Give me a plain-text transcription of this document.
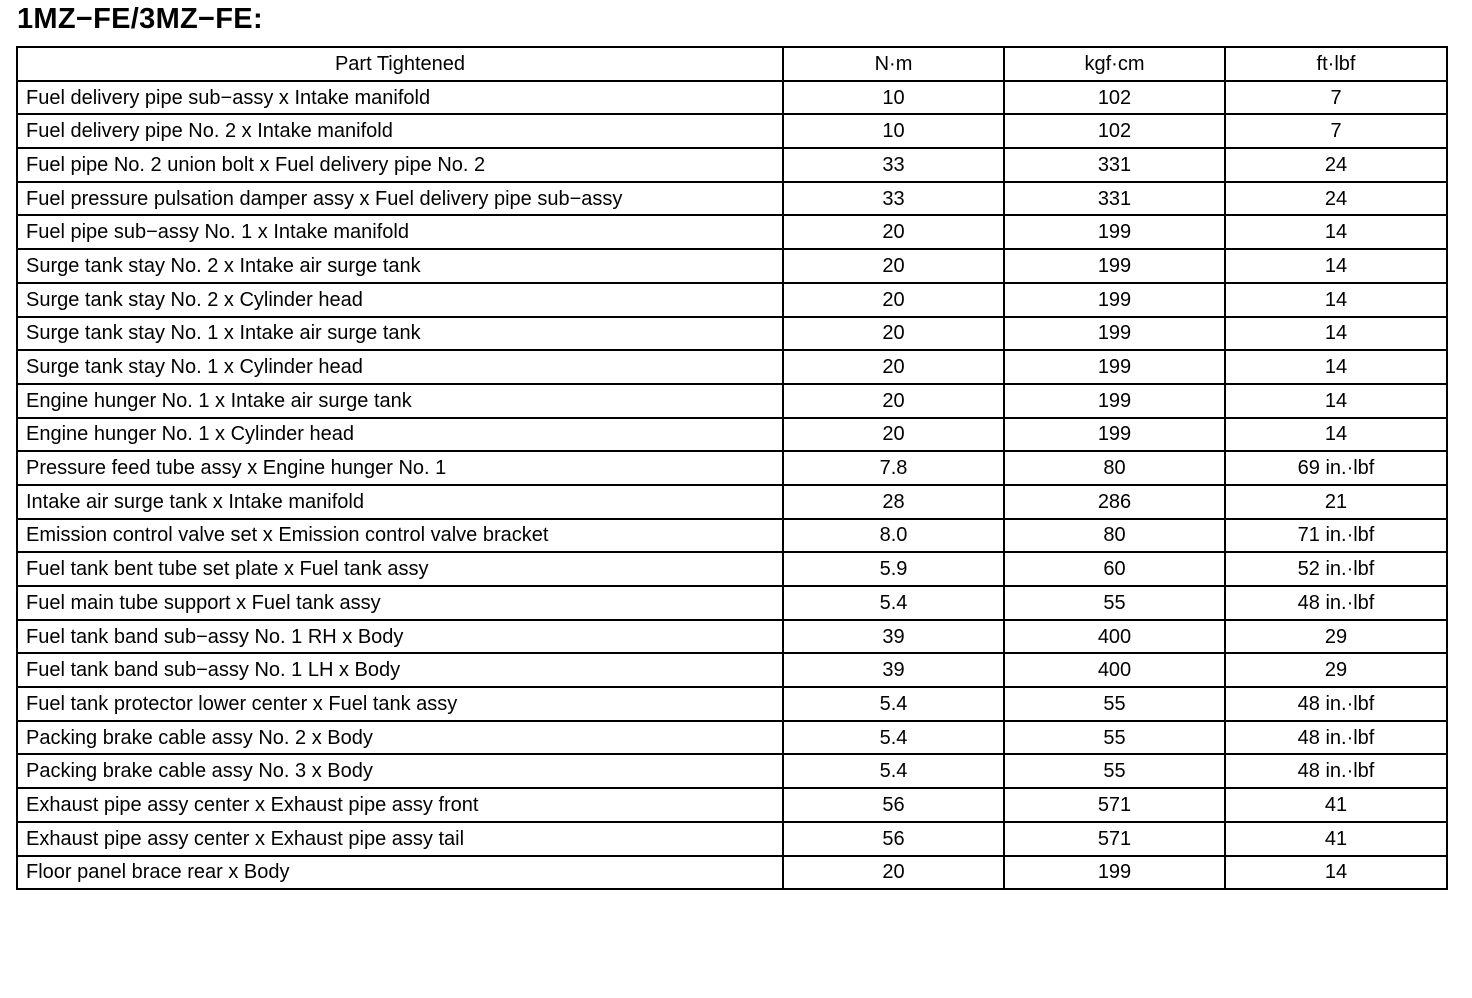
1MZ−FE/3MZ−FE:
Part Tightened	N·m	kgf·cm	ft·lbf
Fuel delivery pipe sub−assy x Intake manifold	10	102	7
Fuel delivery pipe No. 2 x Intake manifold	10	102	7
Fuel pipe No. 2 union bolt x Fuel delivery pipe No. 2	33	331	24
Fuel pressure pulsation damper assy x Fuel delivery pipe sub−assy	33	331	24
Fuel pipe sub−assy No. 1 x Intake manifold	20	199	14
Surge tank stay No. 2 x Intake air surge tank	20	199	14
Surge tank stay No. 2 x Cylinder head	20	199	14
Surge tank stay No. 1 x Intake air surge tank	20	199	14
Surge tank stay No. 1 x Cylinder head	20	199	14
Engine hunger No. 1 x Intake air surge tank	20	199	14
Engine hunger No. 1 x Cylinder head	20	199	14
Pressure feed tube assy x Engine hunger No. 1	7.8	80	69 in.·lbf
Intake air surge tank x Intake manifold	28	286	21
Emission control valve set x Emission control valve bracket	8.0	80	71 in.·lbf
Fuel tank bent tube set plate x Fuel tank assy	5.9	60	52 in.·lbf
Fuel main tube support x Fuel tank assy	5.4	55	48 in.·lbf
Fuel tank band sub−assy No. 1 RH x Body	39	400	29
Fuel tank band sub−assy No. 1 LH x Body	39	400	29
Fuel tank protector lower center x Fuel tank assy	5.4	55	48 in.·lbf
Packing brake cable assy No. 2 x Body	5.4	55	48 in.·lbf
Packing brake cable assy No. 3 x Body	5.4	55	48 in.·lbf
Exhaust pipe assy center x Exhaust pipe assy front	56	571	41
Exhaust pipe assy center x Exhaust pipe assy tail	56	571	41
Floor panel brace rear x Body	20	199	14
